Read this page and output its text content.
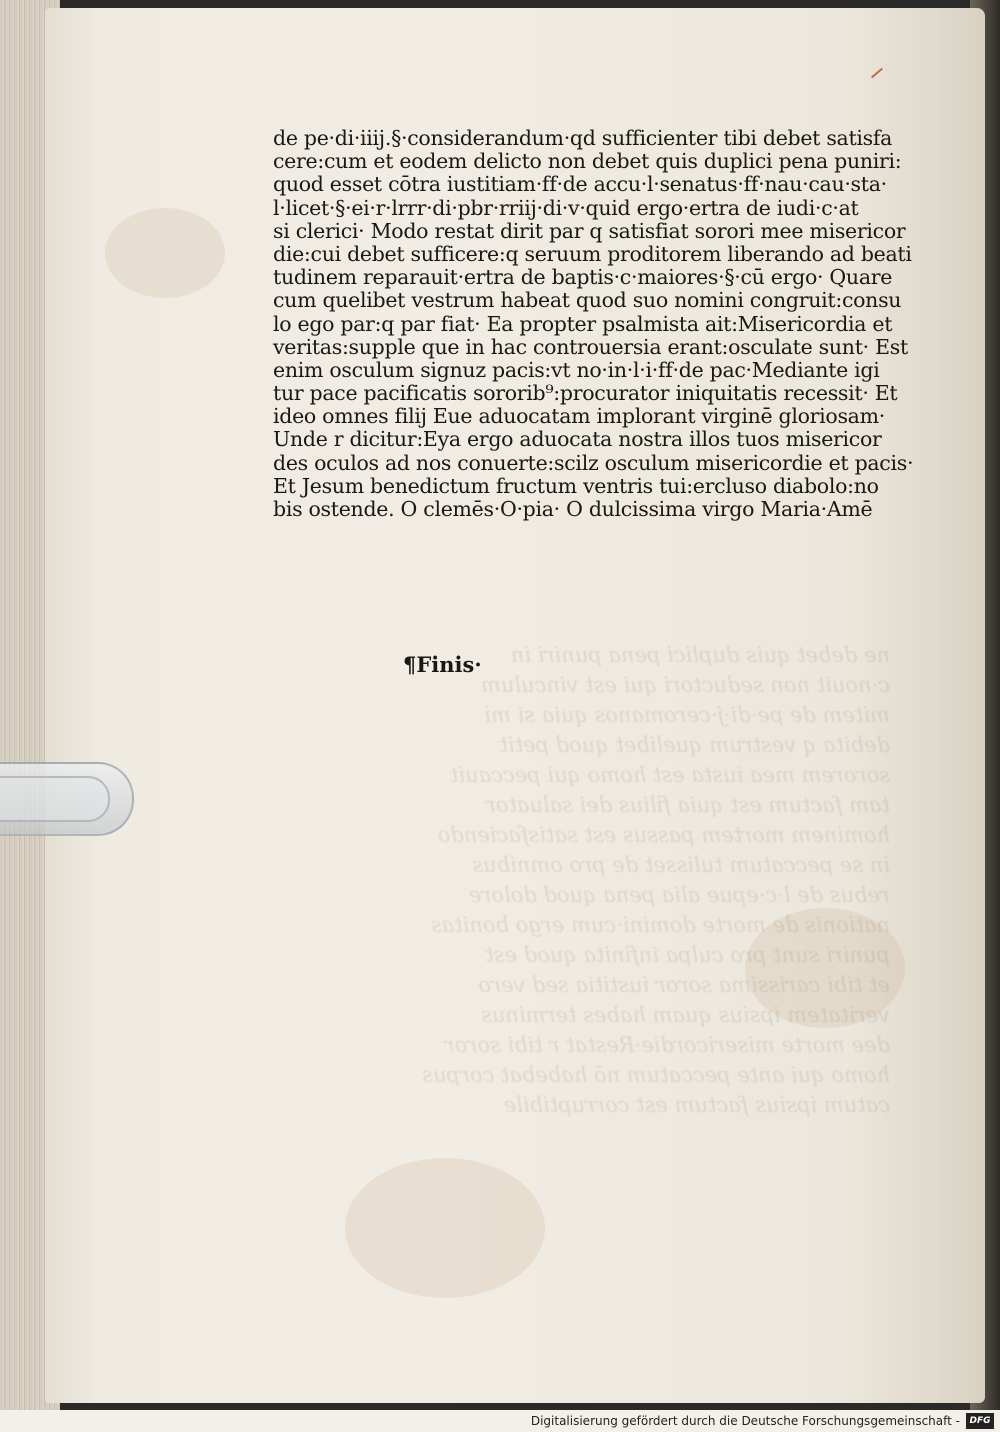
ne debet quis duplici pena puniri in
c·nouit non seductori qui est vinculum
mitem de pe·di·j·ceromanos quia si mi
debita q vestrum quelibet quod petit
sororem mea iusta est homo qui peccauit
tam factum est quia filius dei saluator
hominem mortem passus est satisfaciendo
in se peccatum tulisset de pro omnibus
rebus de l·c·epue alia pena quod dolore
nationis de morte domini·cum ergo bonitas
puniri sunt pro culpa infinita quod est
et tibi carissima soror iustitia sed vero
veritatem ipsius quam habes terminus
dee morte misericordie·Restat r tibi soror
homo qui ante peccatum nō habebat corpus
catum ipsius factum est corruptibile

de pe·di·iiij.§·considerandum·qd sufficienter tibi debet satisfa
cere:cum et eodem delicto non debet quis duplici pena puniri:
quod esset cōtra iustitiam·ff·de accu·l·senatus·ff·nau·cau·sta·
l·licet·§·ei·r·lrrr·di·pbr·rriij·di·v·quid ergo·ertra de iudi·c·at
si clerici· Modo restat dirit par q satisfiat sorori mee misericor
die:cui debet sufficere:q seruum proditorem liberando ad beati
tudinem reparauit·ertra de baptis·c·maiores·§·cū ergo· Quare
cum quelibet vestrum habeat quod suo nomini congruit:consu
lo ego par:q par fiat· Ea propter psalmista ait:Misericordia et
veritas:supple que in hac controuersia erant:osculate sunt· Est
enim osculum signuz pacis:vt no·in·l·i·ff·de pac·Mediante igi
tur pace pacificatis sororib⁹:procurator iniquitatis recessit· Et
ideo omnes filij Eue aduocatam implorant virginē gloriosam·
Unde r dicitur:Eya ergo aduocata nostra illos tuos misericor
des oculos ad nos conuerte:scilz osculum misericordie et pacis·
Et Jesum benedictum fructum ventris tui:ercluso diabolo:no
bis ostende. O clemēs·O·pia· O dulcissima virgo Maria·Amē
¶Finis·
Digitalisierung gefördert durch die Deutsche Forschungsgemeinschaft -	DFG
